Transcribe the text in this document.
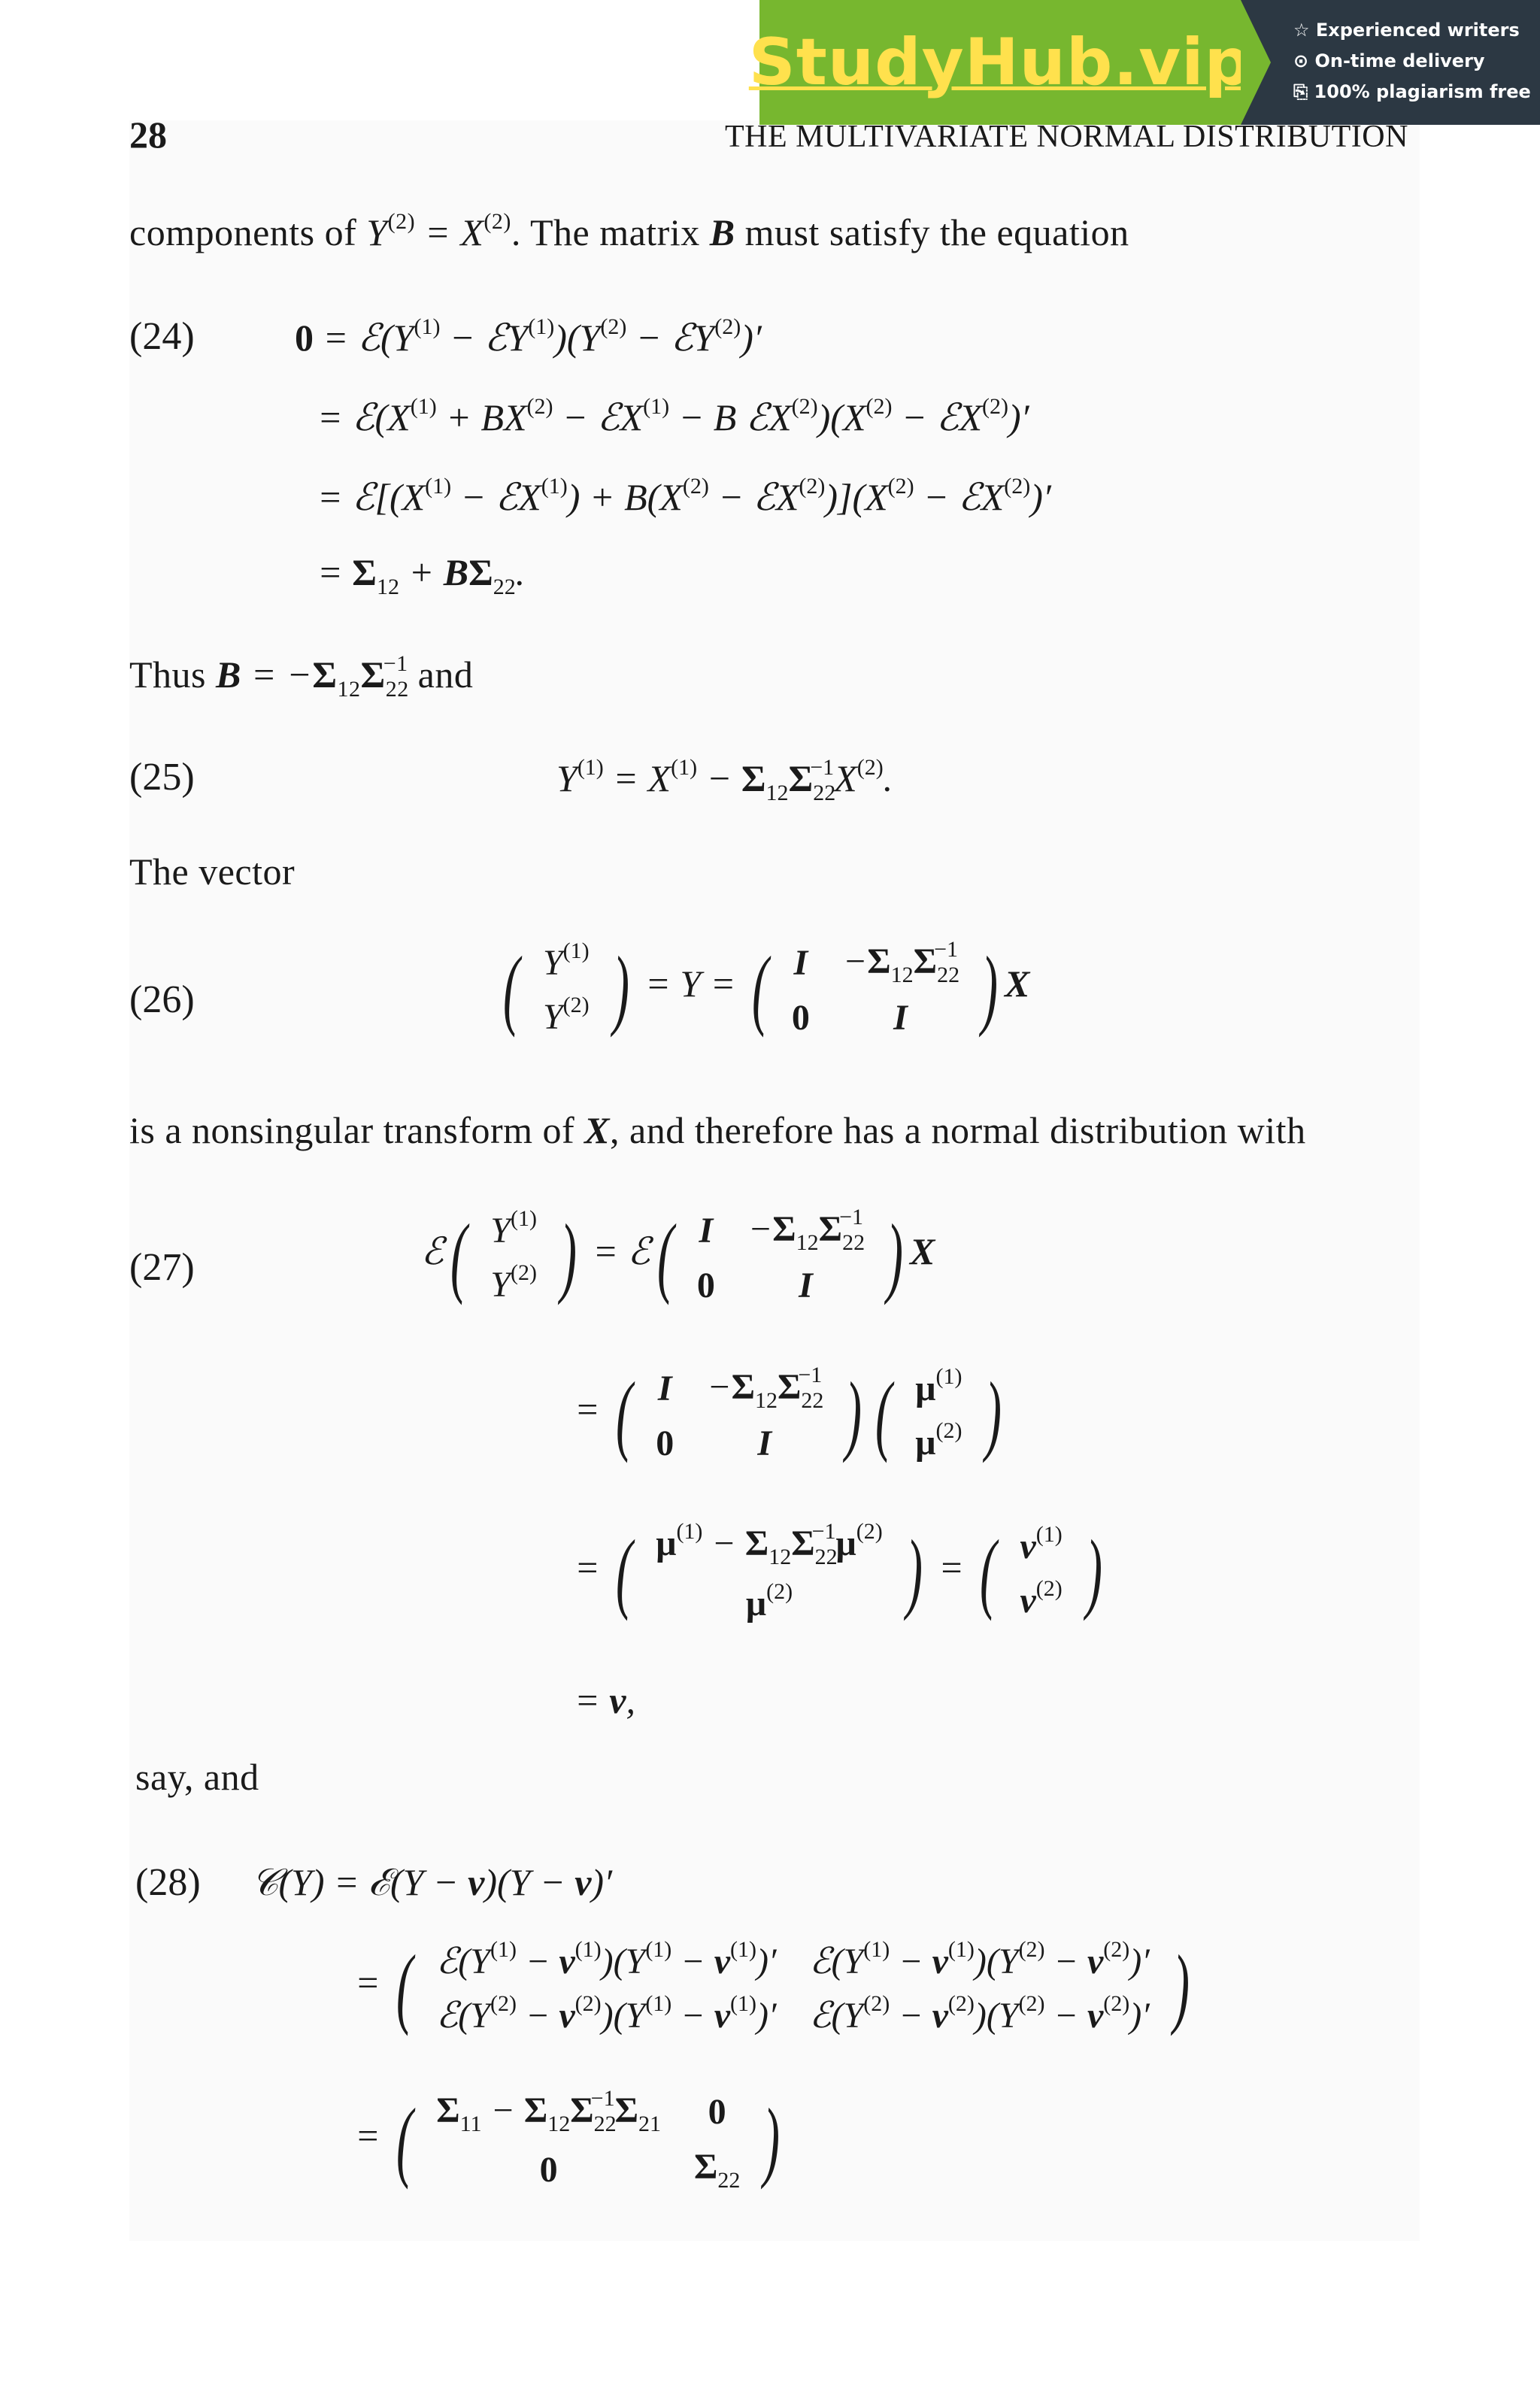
StudyHub.vip ☆ Experienced writers
⊙ On-time delivery
⎘ 100% plagiarism free
28	THE MULTIVARIATE NORMAL DISTRIBUTION
components of $Y^{(2)} = X^{(2)}$. The matrix B must satisfy the equation
(24)	$0 = ℰ(Y^{(1)}$ − $ℰY^{(1)})(Y^{(2)}$ − ℰY$^{(2)}$)′
= $ℰ(X^{(1)} + BX^{(2)}$ − ℰX$^{(1)}$ − B $ℰX^{(2)})(X^{(2)}$ − ℰX$^{(2)}$)′
= $ℰ[(X^{(1)}$ − ℰX$^{(1)}$) + $B(X^{(2)}$ − $ℰX^{(2)})](X^{(2)}$ − ℰX$^{(2)}$)′
= $\Sigma_{12} + B\Sigma_{22}$.
Thus $B = -\Sigma_{12}\Sigma_{22}^{-1}$ and
(25)	$Y^{(1)} = X^{(1)} - \Sigma_{12}\Sigma_{22}^{-1}X^{(2)}$.
The vector
(26)	( $Y^{(1)}$
$Y^{(2)}$ ) = Y = ( I	$-\Sigma_{12}\Sigma_{22}^{-1}$
0	I ) X
is a nonsingular transform of X, and therefore has a normal distribution with
(27)	ℰ( $Y^{(1)}$
$Y^{(2)}$ ) = ℰ( I	$-\Sigma_{12}\Sigma_{22}^{-1}$
0	I ) X
= ( I	$-\Sigma_{12}\Sigma_{22}^{-1}$
0	I ) ( $\mu^{(1)}$
$\mu^{(2)}$ )
= ( $\mu^{(1)} - \Sigma_{12}\Sigma_{22}^{-1}\mu^{(2)}$
$\mu^{(2)}$ ) = ( $\nu^{(1)}$
$\nu^{(2)}$ )
= ν,
say, and
(28) 𝒞(Y) = ℰ(Y − ν)(Y − ν)′
= ( $ℰ(Y^{(1)} - \nu^{(1)})(Y^{(1)} - \nu^{(1)})'$	$ℰ(Y^{(1)} - \nu^{(1)})(Y^{(2)} - \nu^{(2)})'$
$ℰ(Y^{(2)} - \nu^{(2)})(Y^{(1)} - \nu^{(1)})'$	$ℰ(Y^{(2)} - \nu^{(2)})(Y^{(2)} - \nu^{(2)})'$ )
= ( $\Sigma_{11} - \Sigma_{12}\Sigma_{22}^{-1}\Sigma_{21}$	0
0	$\Sigma_{22}$ )
